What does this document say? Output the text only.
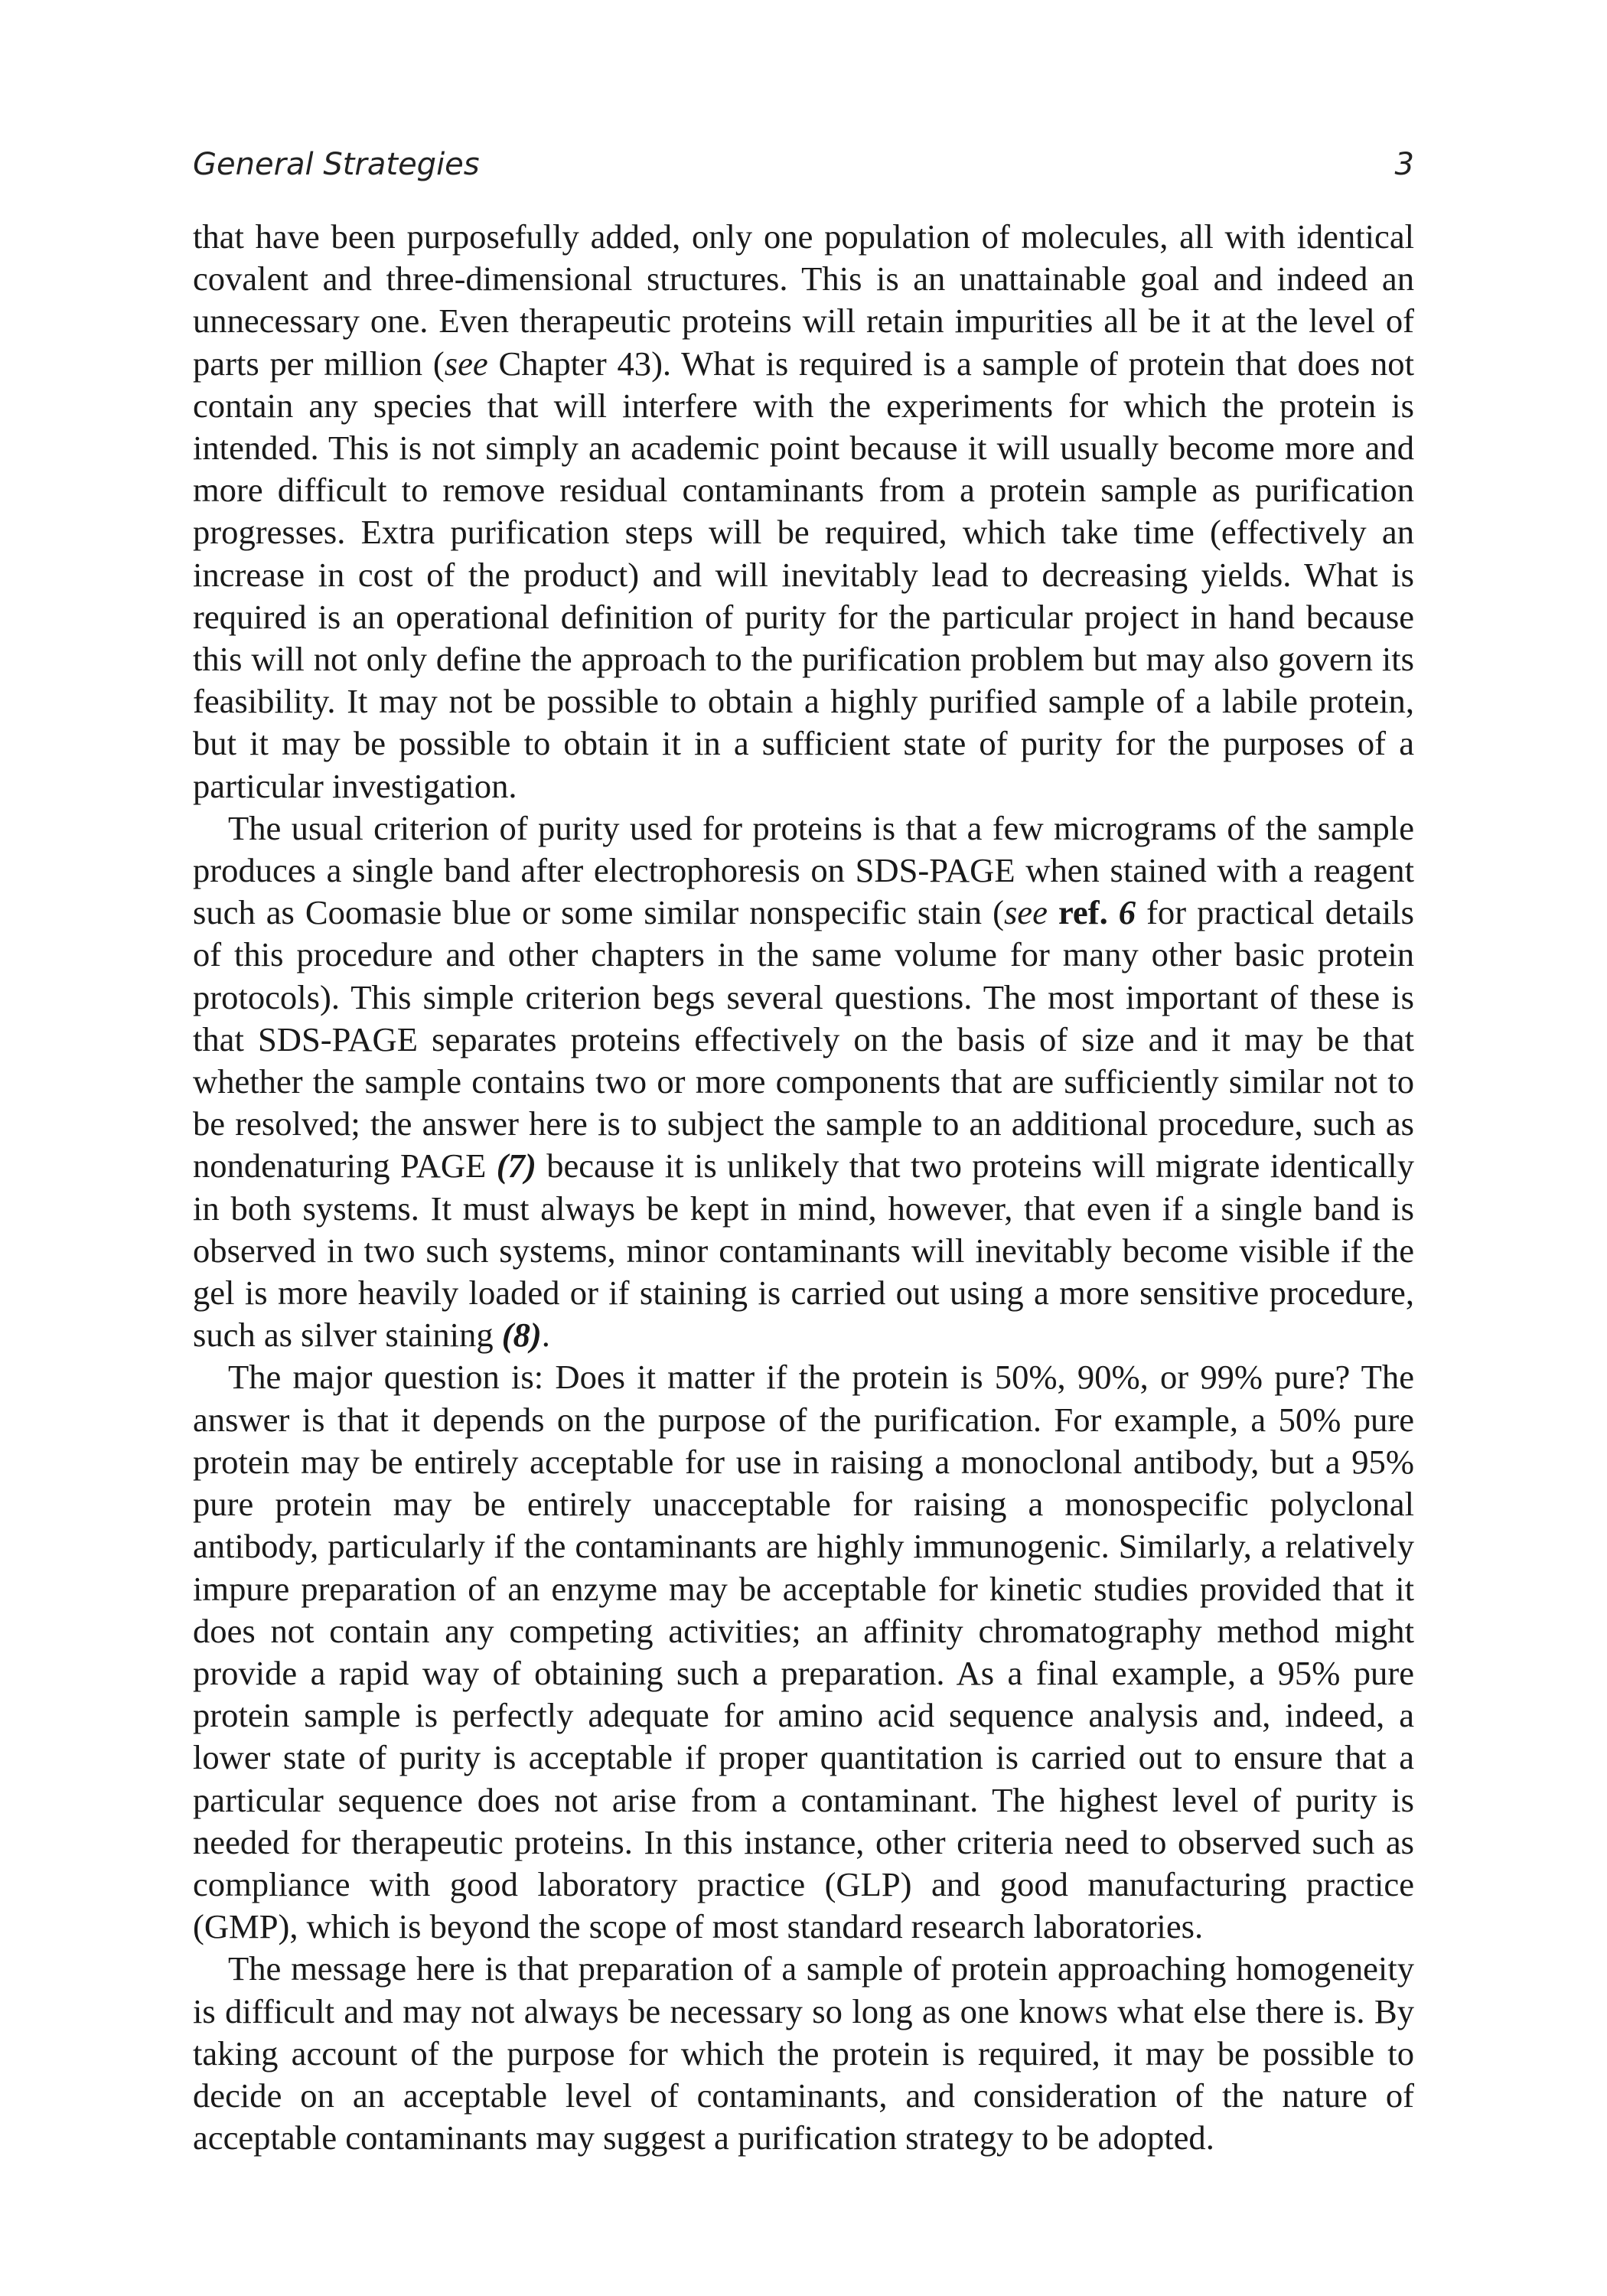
General Strategies	3

that have been purposefully added, only one population of molecules, all with identical covalent and three-dimensional structures. This is an unattainable goal and indeed an unnecessary one. Even therapeutic proteins will retain impurities all be it at the level of parts per million (see Chapter 43). What is required is a sample of protein that does not contain any species that will interfere with the experiments for which the protein is intended. This is not simply an academic point because it will usually become more and more difficult to remove residual contaminants from a protein sample as purification progresses. Extra purification steps will be required, which take time (effectively an increase in cost of the product) and will inevitably lead to decreasing yields. What is required is an operational definition of purity for the particular project in hand because this will not only define the approach to the purification problem but may also govern its feasibility. It may not be possible to obtain a highly purified sample of a labile protein, but it may be possible to obtain it in a sufficient state of purity for the purposes of a particular investigation.

The usual criterion of purity used for proteins is that a few micrograms of the sample produces a single band after electrophoresis on SDS-PAGE when stained with a reagent such as Coomasie blue or some similar nonspecific stain (see ref. 6 for practical details of this procedure and other chapters in the same volume for many other basic protein protocols). This simple criterion begs several questions. The most important of these is that SDS-PAGE separates proteins effectively on the basis of size and it may be that whether the sample contains two or more components that are sufficiently similar not to be resolved; the answer here is to subject the sample to an additional procedure, such as nondenaturing PAGE (7) because it is unlikely that two proteins will migrate identically in both systems. It must always be kept in mind, however, that even if a single band is observed in two such systems, minor contaminants will inevitably become visible if the gel is more heavily loaded or if staining is carried out using a more sensitive procedure, such as silver staining (8).

The major question is: Does it matter if the protein is 50%, 90%, or 99% pure? The answer is that it depends on the purpose of the purification. For example, a 50% pure protein may be entirely acceptable for use in raising a monoclonal antibody, but a 95% pure protein may be entirely unacceptable for raising a monospecific polyclonal antibody, particularly if the contaminants are highly immunogenic. Similarly, a relatively impure preparation of an enzyme may be acceptable for kinetic studies provided that it does not contain any competing activities; an affinity chromatography method might provide a rapid way of obtaining such a preparation. As a final example, a 95% pure protein sample is perfectly adequate for amino acid sequence analysis and, indeed, a lower state of purity is acceptable if proper quantitation is carried out to ensure that a particular sequence does not arise from a contaminant. The highest level of purity is needed for therapeutic proteins. In this instance, other criteria need to observed such as compliance with good laboratory practice (GLP) and good manufacturing practice (GMP), which is beyond the scope of most standard research laboratories.

The message here is that preparation of a sample of protein approaching homogeneity is difficult and may not always be necessary so long as one knows what else there is. By taking account of the purpose for which the protein is required, it may be possible to decide on an acceptable level of contaminants, and consideration of the nature of acceptable contaminants may suggest a purification strategy to be adopted.
